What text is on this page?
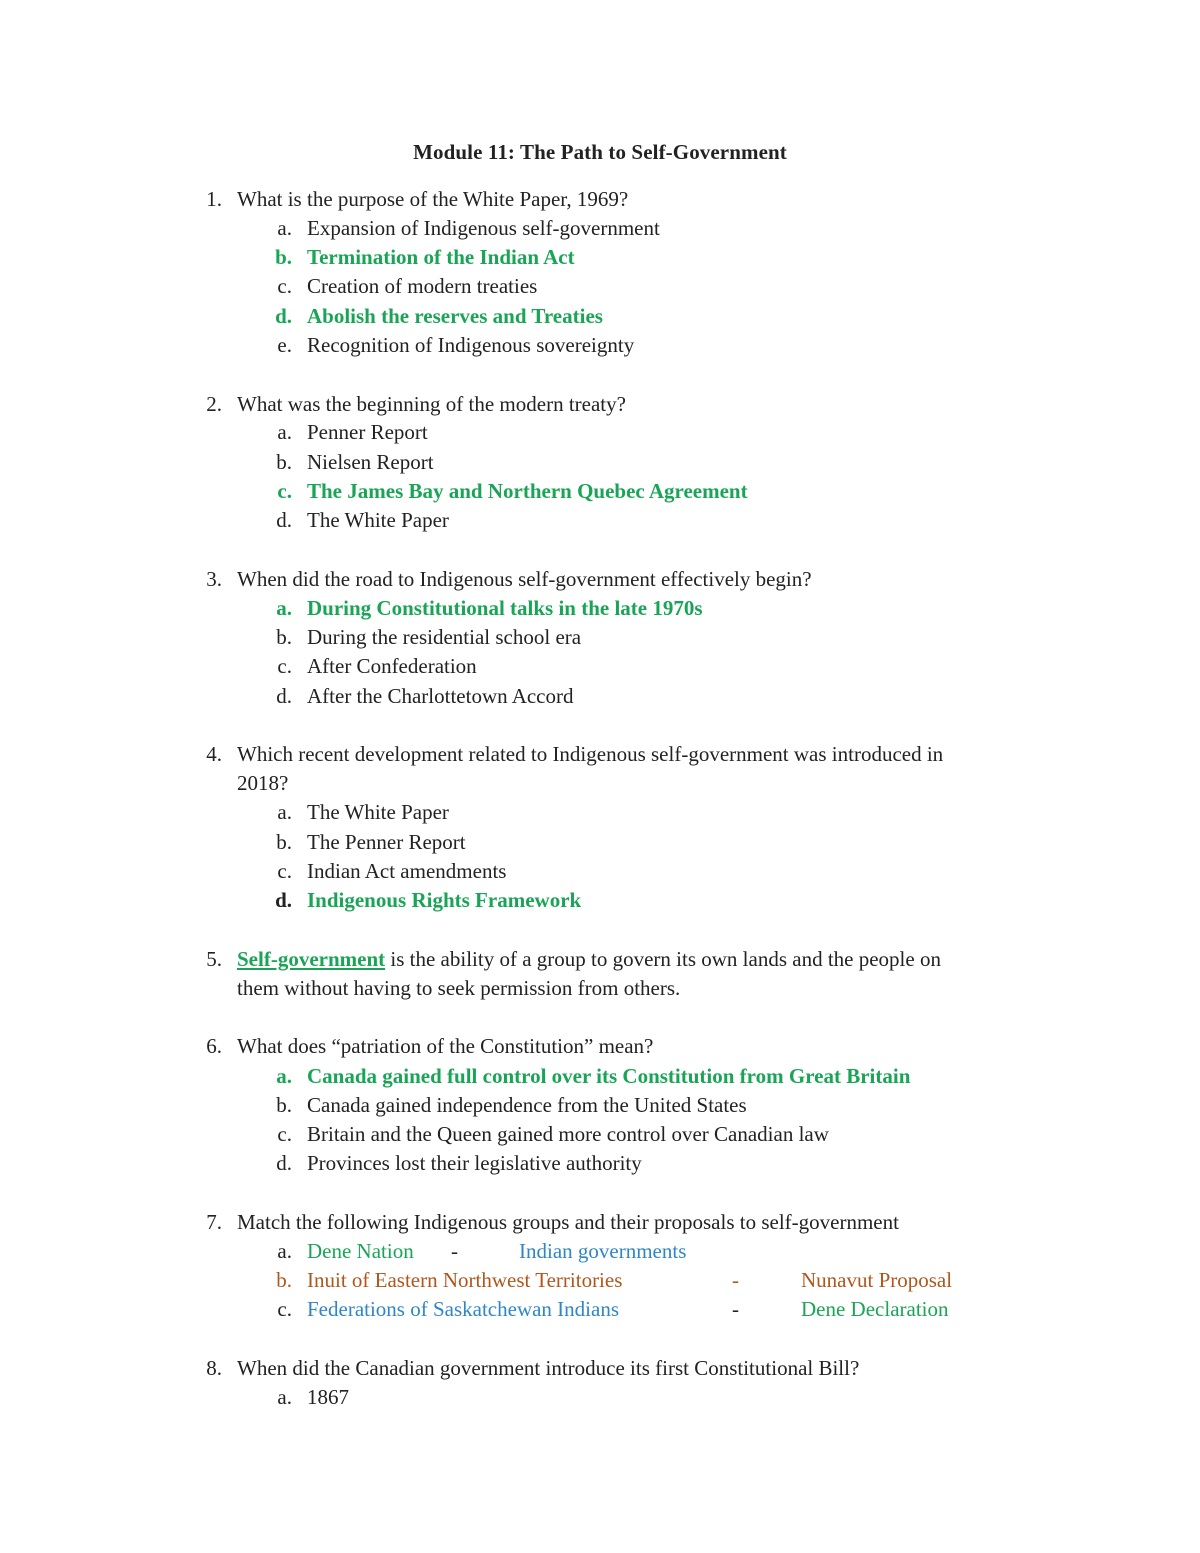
Module 11: The Path to Self-Government
1. What is the purpose of the White Paper, 1969?
a. Expansion of Indigenous self-government
b. Termination of the Indian Act
c. Creation of modern treaties
d. Abolish the reserves and Treaties
e. Recognition of Indigenous sovereignty
2. What was the beginning of the modern treaty?
a. Penner Report
b. Nielsen Report
c. The James Bay and Northern Quebec Agreement
d. The White Paper
3. When did the road to Indigenous self-government effectively begin?
a. During Constitutional talks in the late 1970s
b. During the residential school era
c. After Confederation
d. After the Charlottetown Accord
4. Which recent development related to Indigenous self-government was introduced in
2018?
a. The White Paper
b. The Penner Report
c. Indian Act amendments
d. Indigenous Rights Framework
5. Self-government is the ability of a group to govern its own lands and the people on
them without having to seek permission from others.
6. What does “patriation of the Constitution” mean?
a. Canada gained full control over its Constitution from Great Britain
b. Canada gained independence from the United States
c. Britain and the Queen gained more control over Canadian law
d. Provinces lost their legislative authority
7. Match the following Indigenous groups and their proposals to self-government
a. Dene Nation -	Indian governments
b. Inuit of Eastern Northwest Territories	-	Nunavut Proposal
c. Federations of Saskatchewan Indians	-	Dene Declaration
8. When did the Canadian government introduce its first Constitutional Bill?
a. 1867
